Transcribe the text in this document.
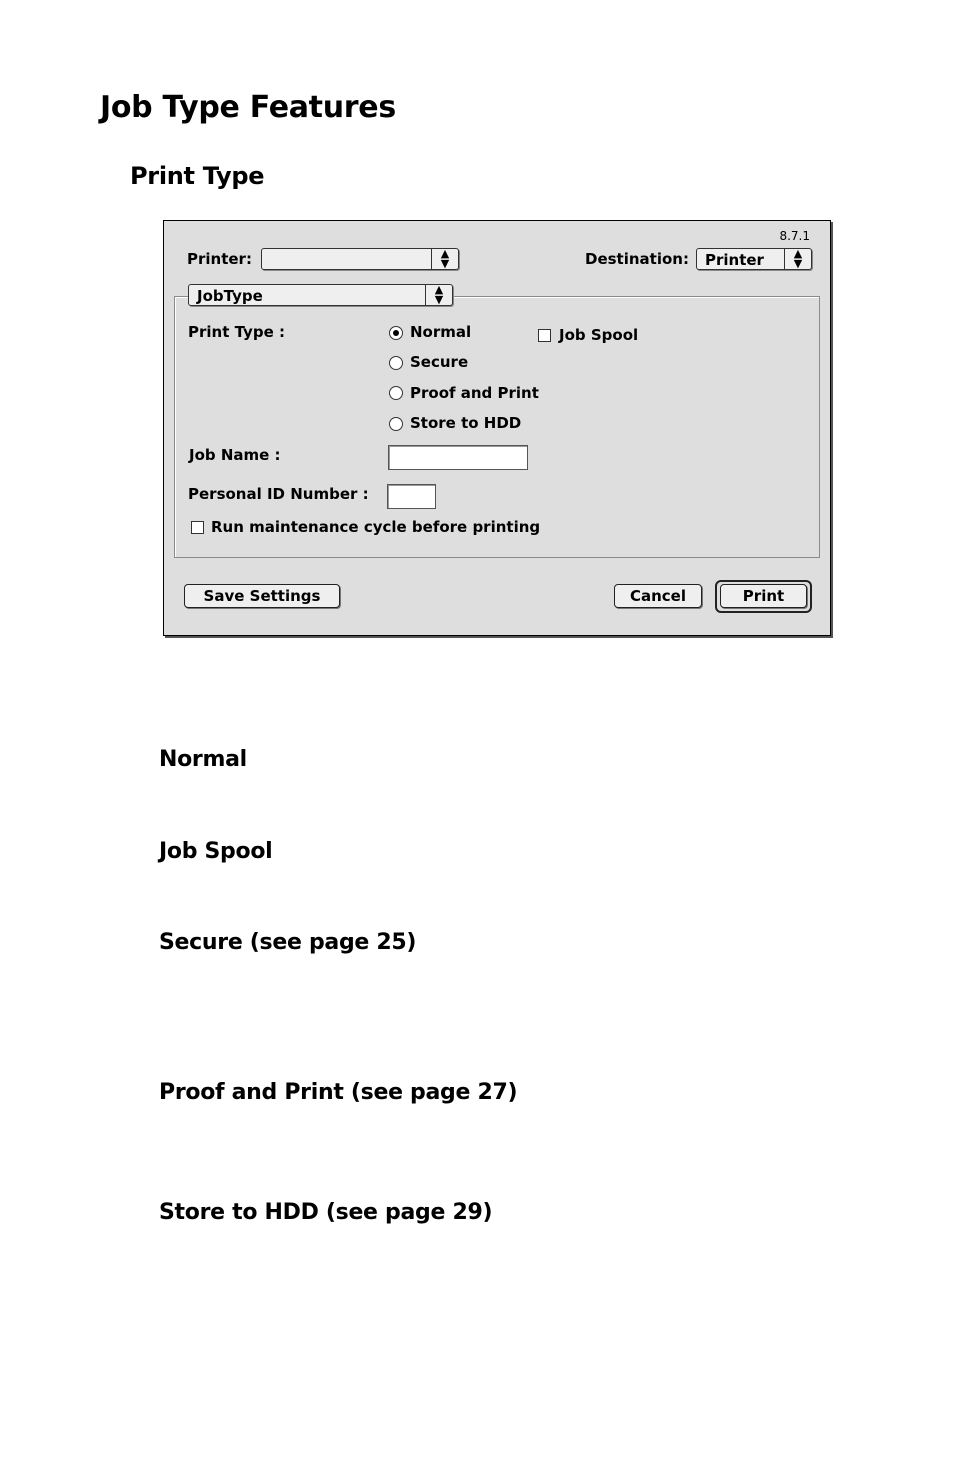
Job Type Features
Print Type
8.7.1
Printer:	▲
▼	Destination: Printer	▲
▼
JobType	▲
▼
Print Type :	Normal
Secure
Proof and Print
Store to HDD
Job Spool
Job Name :
Personal ID Number :
Run maintenance cycle before printing
Save Settings	Cancel	Print
Normal
Job Spool
Secure (see page 25)
Proof and Print (see page 27)
Store to HDD (see page 29)
